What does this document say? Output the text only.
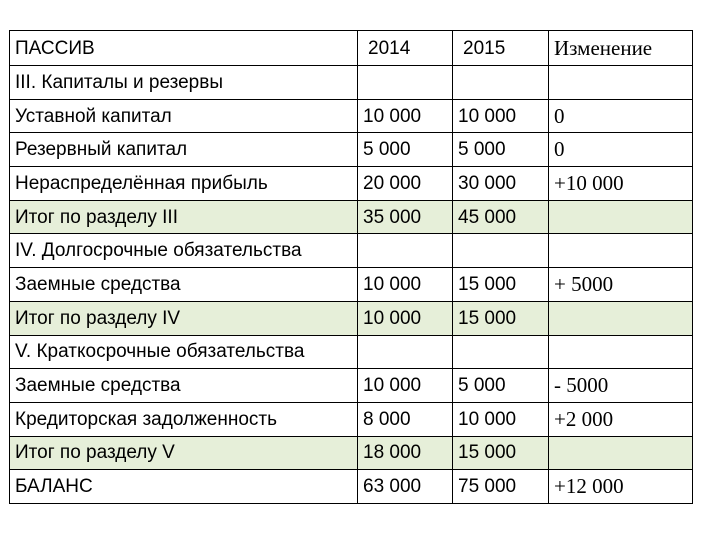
ПАССИВ	2014	2015	Изменение
III. Капиталы и резервы			
Уставной капитал	10 000	10 000	0
Резервный капитал	5 000	5 000	0
Нераспределённая прибыль	20 000	30 000	+10 000
Итог по разделу III	35 000	45 000	
IV. Долгосрочные обязательства			
Заемные средства	10 000	15 000	+ 5000
Итог по разделу IV	10 000	15 000	
V. Краткосрочные обязательства			
Заемные средства	10 000	5 000	- 5000
Кредиторская задолженность	8 000	10 000	+2 000
Итог по разделу V	18 000	15 000	
БАЛАНС	63 000	75 000	+12 000
